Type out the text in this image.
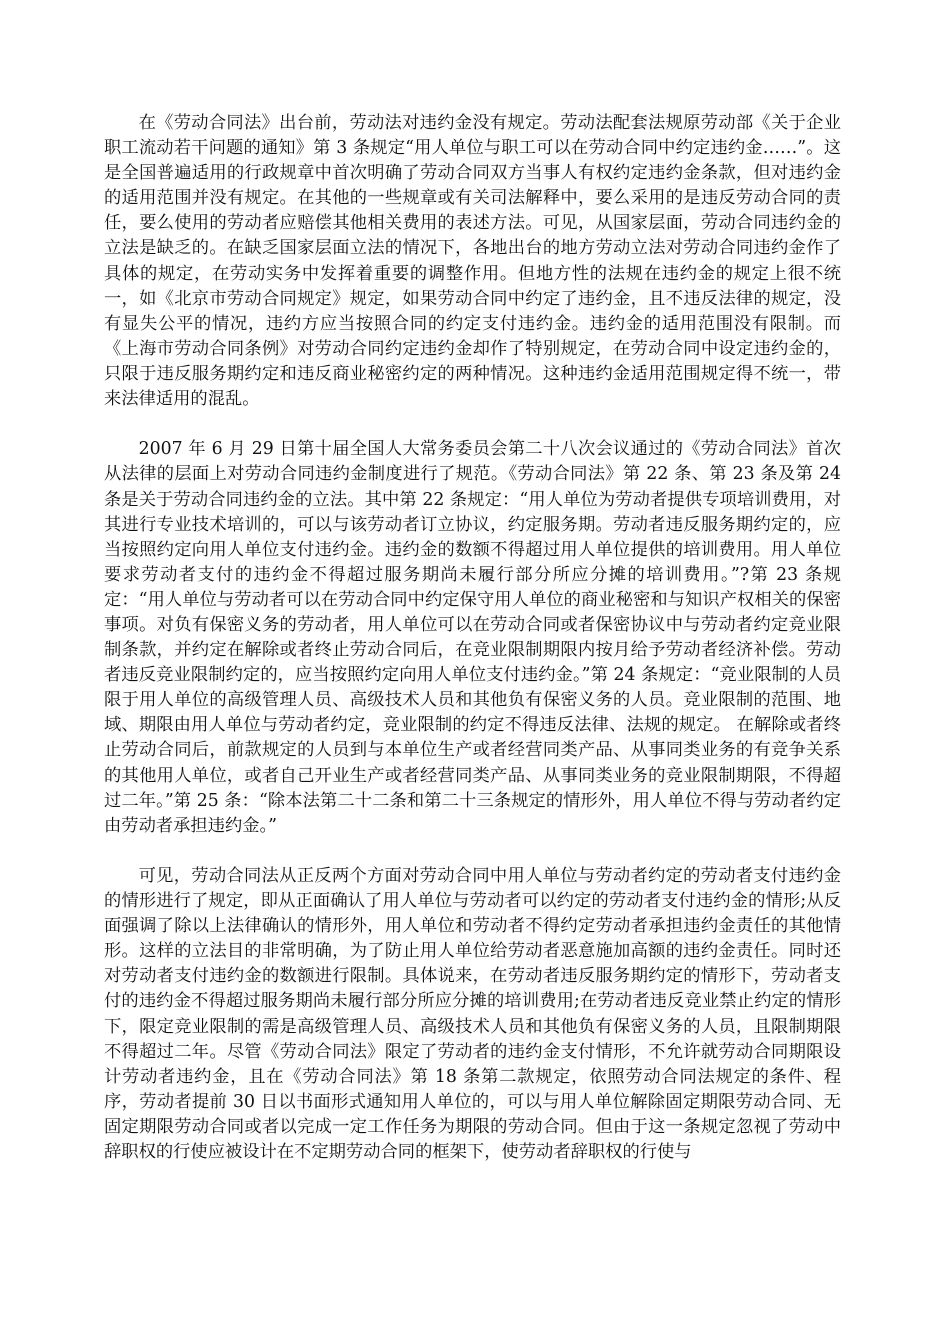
在《劳动合同法》出台前，劳动法对违约金没有规定。劳动法配套法规原劳动部《关于企业职工流动若干问题的通知》第 3 条规定“用人单位与职工可以在劳动合同中约定违约金……”。这是全国普遍适用的行政规章中首次明确了劳动合同双方当事人有权约定违约金条款，但对违约金的适用范围并没有规定。在其他的一些规章或有关司法解释中，要么采用的是违反劳动合同的责任，要么使用的劳动者应赔偿其他相关费用的表述方法。可见，从国家层面，劳动合同违约金的立法是缺乏的。在缺乏国家层面立法的情况下，各地出台的地方劳动立法对劳动合同违约金作了具体的规定，在劳动实务中发挥着重要的调整作用。但地方性的法规在违约金的规定上很不统一，如《北京市劳动合同规定》规定，如果劳动合同中约定了违约金，且不违反法律的规定，没有显失公平的情况，违约方应当按照合同的约定支付违约金。违约金的适用范围没有限制。而《上海市劳动合同条例》对劳动合同约定违约金却作了特别规定，在劳动合同中设定违约金的，只限于违反服务期约定和违反商业秘密约定的两种情况。这种违约金适用范围规定得不统一，带来法律适用的混乱。

2007 年 6 月 29 日第十届全国人大常务委员会第二十八次会议通过的《劳动合同法》首次从法律的层面上对劳动合同违约金制度进行了规范。《劳动合同法》第 22 条、第 23 条及第 24 条是关于劳动合同违约金的立法。其中第 22 条规定：“用人单位为劳动者提供专项培训费用，对其进行专业技术培训的，可以与该劳动者订立协议，约定服务期。劳动者违反服务期约定的，应当按照约定向用人单位支付违约金。违约金的数额不得超过用人单位提供的培训费用。用人单位要求劳动者支付的违约金不得超过服务期尚未履行部分所应分摊的培训费用。”?第 23 条规定：“用人单位与劳动者可以在劳动合同中约定保守用人单位的商业秘密和与知识产权相关的保密事项。对负有保密义务的劳动者，用人单位可以在劳动合同或者保密协议中与劳动者约定竞业限制条款，并约定在解除或者终止劳动合同后，在竞业限制期限内按月给予劳动者经济补偿。劳动者违反竞业限制约定的，应当按照约定向用人单位支付违约金。”第 24 条规定：“竞业限制的人员限于用人单位的高级管理人员、高级技术人员和其他负有保密义务的人员。竞业限制的范围、地域、期限由用人单位与劳动者约定，竞业限制的约定不得违反法律、法规的规定。 在解除或者终止劳动合同后，前款规定的人员到与本单位生产或者经营同类产品、从事同类业务的有竞争关系的其他用人单位，或者自己开业生产或者经营同类产品、从事同类业务的竞业限制期限，不得超过二年。”第 25 条：“除本法第二十二条和第二十三条规定的情形外，用人单位不得与劳动者约定由劳动者承担违约金。”

可见，劳动合同法从正反两个方面对劳动合同中用人单位与劳动者约定的劳动者支付违约金的情形进行了规定，即从正面确认了用人单位与劳动者可以约定的劳动者支付违约金的情形;从反面强调了除以上法律确认的情形外，用人单位和劳动者不得约定劳动者承担违约金责任的其他情形。这样的立法目的非常明确，为了防止用人单位给劳动者恶意施加高额的违约金责任。同时还对劳动者支付违约金的数额进行限制。具体说来，在劳动者违反服务期约定的情形下，劳动者支付的违约金不得超过服务期尚未履行部分所应分摊的培训费用;在劳动者违反竞业禁止约定的情形下，限定竞业限制的需是高级管理人员、高级技术人员和其他负有保密义务的人员，且限制期限不得超过二年。尽管《劳动合同法》限定了劳动者的违约金支付情形，不允许就劳动合同期限设计劳动者违约金，且在《劳动合同法》第 18 条第二款规定，依照劳动合同法规定的条件、程序，劳动者提前 30 日以书面形式通知用人单位的，可以与用人单位解除固定期限劳动合同、无固定期限劳动合同或者以完成一定工作任务为期限的劳动合同。但由于这一条规定忽视了劳动中辞职权的行使应被设计在不定期劳动合同的框架下，使劳动者辞职权的行使与
